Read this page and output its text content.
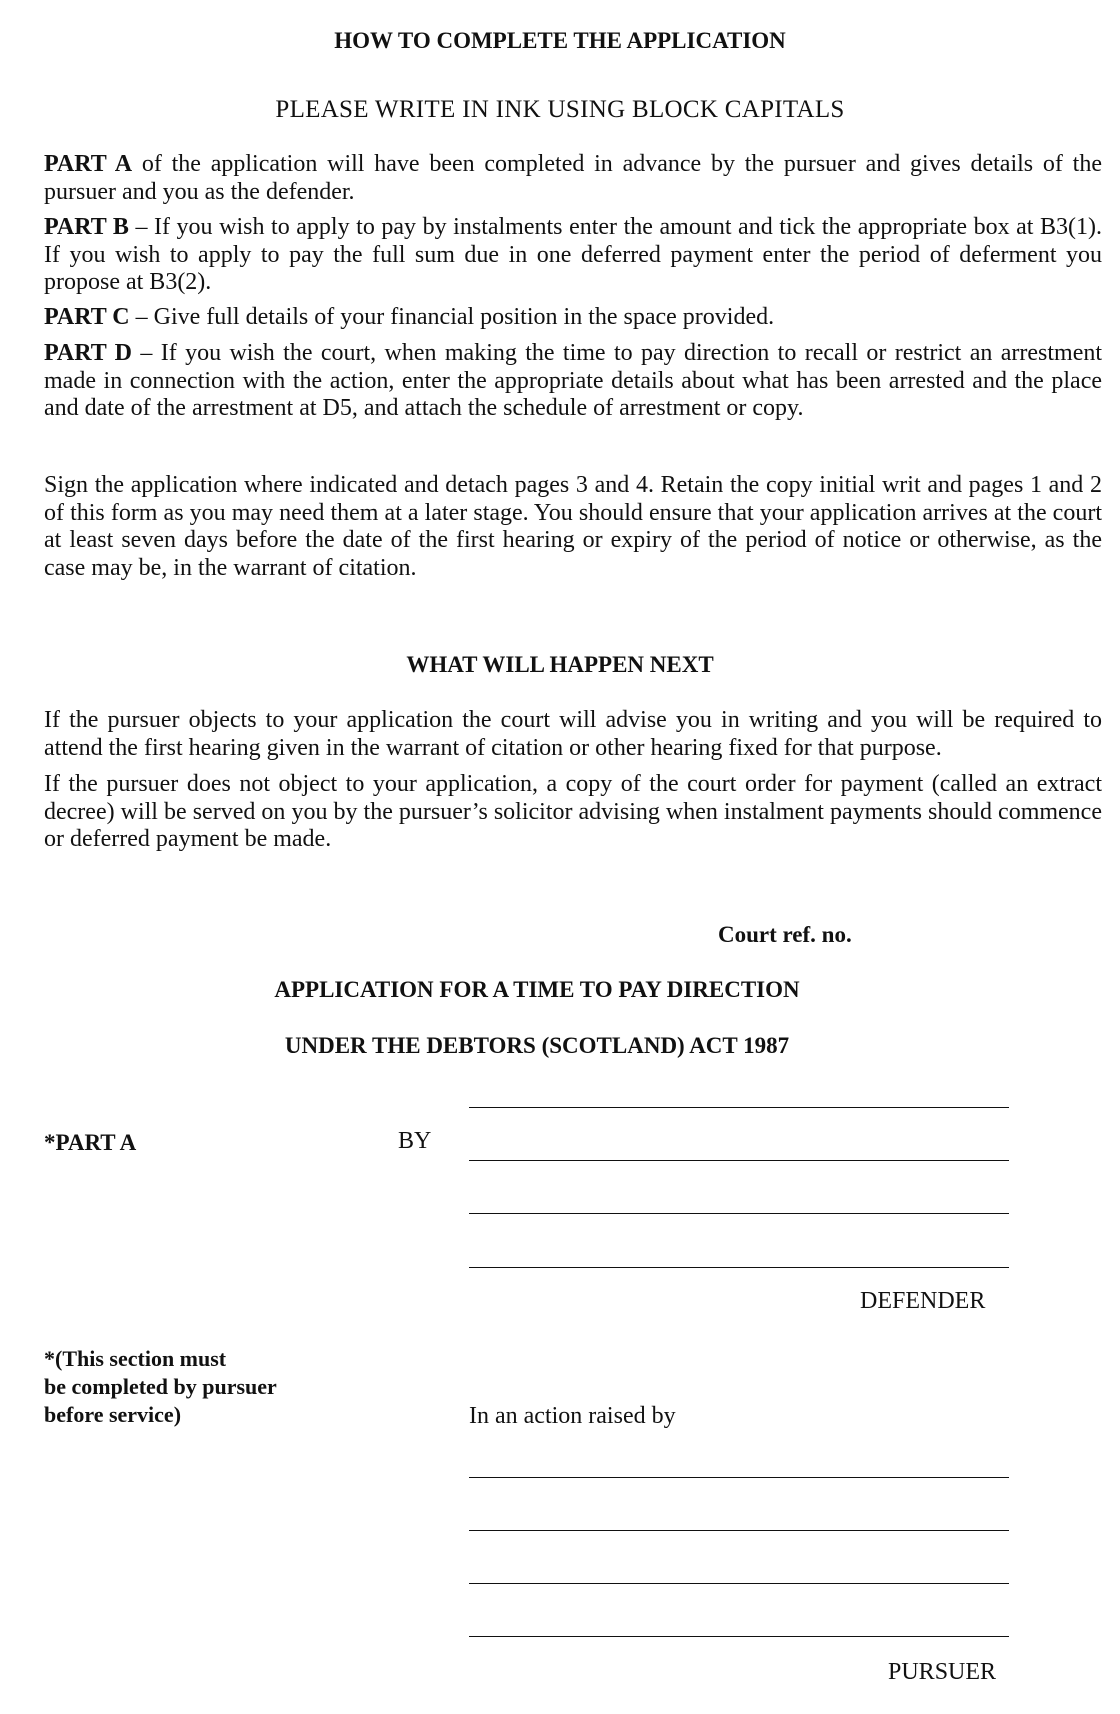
HOW TO COMPLETE THE APPLICATION
PLEASE WRITE IN INK USING BLOCK CAPITALS
PART A of the application will have been completed in advance by the pursuer and gives details of the pursuer and you as the defender.
PART B – If you wish to apply to pay by instalments enter the amount and tick the appropriate box at B3(1). If you wish to apply to pay the full sum due in one deferred payment enter the period of deferment you propose at B3(2).
PART C – Give full details of your financial position in the space provided.
PART D – If you wish the court, when making the time to pay direction to recall or restrict an arrestment made in connection with the action, enter the appropriate details about what has been arrested and the place and date of the arrestment at D5, and attach the schedule of arrestment or copy.
Sign the application where indicated and detach pages 3 and 4. Retain the copy initial writ and pages 1 and 2 of this form as you may need them at a later stage. You should ensure that your application arrives at the court at least seven days before the date of the first hearing or expiry of the period of notice or otherwise, as the case may be, in the warrant of citation.
WHAT WILL HAPPEN NEXT
If the pursuer objects to your application the court will advise you in writing and you will be required to attend the first hearing given in the warrant of citation or other hearing fixed for that purpose.
If the pursuer does not object to your application, a copy of the court order for payment (called an extract decree) will be served on you by the pursuer’s solicitor advising when instalment payments should commence or deferred payment be made.
Court ref. no.
APPLICATION FOR A TIME TO PAY DIRECTION
UNDER THE DEBTORS (SCOTLAND) ACT 1987
*PART A	BY
DEFENDER
*(This section must
be completed by pursuer
before service)	In an action raised by
PURSUER
